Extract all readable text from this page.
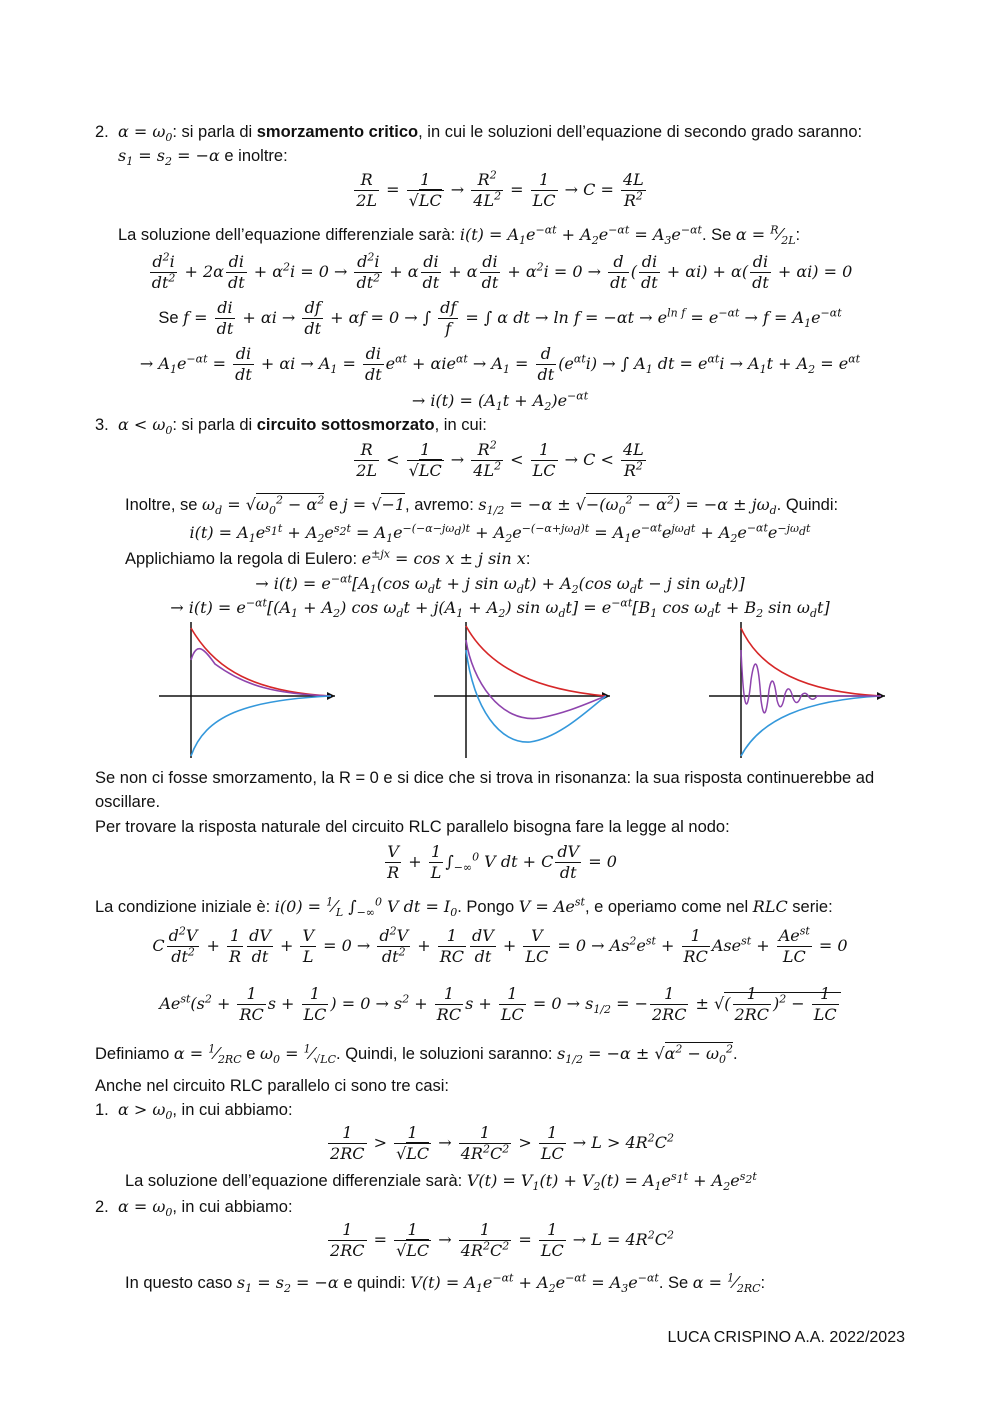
2. $\alpha = \omega_0$: si parla di smorzamento critico, in cui le soluzioni dell’equazione di secondo grado saranno:
$s_1 = s_2 = -\alpha$ e inoltre:
$\frac{R}{2L} = \frac{1}{√LC} \to \frac{R^2}{4L^2} = \frac{1}{LC} \to C = \frac{4L}{R^2}$
La soluzione dell’equazione differenziale sarà: $i(t) = A_1e^{-\alpha t} + A_2e^{-\alpha t} = A_3e^{-\alpha t}$. Se $\alpha = ^R⁄_{2L}$:
$\frac{d^2i}{dt^2} + 2\alpha \frac{di}{dt} + \alpha^2i = 0 \to \frac{d^2i}{dt^2} + \alpha \frac{di}{dt} + \alpha \frac{di}{dt} + \alpha^2i = 0 \to \frac{d}{dt}$ ( $\frac{di}{dt} + \alpha i) + \alpha( \frac{di}{dt} + \alpha i) = 0$
Se $f = \frac{di}{dt} + \alpha i \to \frac{df}{dt} + \alpha f = 0$ → ∫ $\frac{df}{f}$ = ∫ α dt → $\ln f = -\alpha t \to e^{ln f} = e^{-\alpha t} \to f = A_1e^{-\alpha t}$
→ $A_1e^{-\alpha t} = \frac{di}{dt} + \alpha i \to A_1 = \frac{di}{dt} e^{\alpha t} + \alpha ie^{\alpha t} \to A_1 = \frac{d}{dt} (e^{\alpha t}i)$ → ∫ $A_1$ dt = $e^{\alpha t}i \to A_1t + A_2 = e^{\alpha t}$
→ $i(t) = (A_1t + A_2)e^{-\alpha t}$
3. $\alpha < \omega_0$: si parla di circuito sottosmorzato, in cui:
$\frac{R}{2L} < \frac{1}{√LC} \to \frac{R^2}{4L^2} < \frac{1}{LC} \to C < \frac{4L}{R^2}$
Inoltre, se $\omega_d = √\omega_0^2 - \alpha^2$ e j = √−1, avremo: $s_{1/2} = -\alpha \pm √-(\omega_0^2 - \alpha^2) = -\alpha \pm j\omega_d$. Quindi:
$i(t) = A_1e^{s_1t} + A_2e^{s_2t} = A_1e^{-(-\alpha-j\omega_d)t} + A_2e^{-(-\alpha+j\omega_d)t} = A_1e^{-\alpha t}e^{j\omega_dt} + A_2e^{-\alpha t}e^{-j\omega_dt}$
Applichiamo la regola di Eulero: $e^{\pm jx} = \cos x \pm j$ sin x:
→ $i(t) = e^{-\alpha t}[A_1(\cos$ $\omega_dt + j$ $\sin \omega_dt) + A_2(\cos$ $\omega_dt - j$ $\sin \omega_dt$)]
→ $i(t) = e^{-\alpha t}[(A_1 + A_2)$ $\cos \omega_dt + j(A_1 + A_2)$ $\sin \omega_dt] = e^{-\alpha t}[B_1$ $\cos \omega_dt + B_2$ $\sin \omega_dt$]
Se non ci fosse smorzamento, la R = 0 e si dice che si trova in risonanza: la sua risposta continuerebbe ad
oscillare.
Per trovare la risposta naturale del circuito RLC parallelo bisogna fare la legge al nodo:
$\frac{V}{R} + \frac{1}{L} \int_{-\infty}^0$ V dt + C $\frac{dV}{dt} = 0$
La condizione iniziale è: $i(0) = ^1⁄_L$ $\int_{-\infty}^0$ V dt = $I_0$. Pongo $V = Ae^{st}$, e operiamo come nel RLC serie:
C $\frac{d^2V}{dt^2} + \frac{1}{R} \frac{dV}{dt} + \frac{V}{L} = 0 \to \frac{d^2V}{dt^2} + \frac{1}{RC} \frac{dV}{dt} + \frac{V}{LC} = 0 \to As^2e^{st} + \frac{1}{RC} Ase^{st} + \frac{Ae^{st}}{LC} = 0$
$Ae^{st}(s^2 + \frac{1}{RC}$ $s + \frac{1}{LC}$ ) = $0 \to s^2 + \frac{1}{RC}$ $s + \frac{1}{LC} = 0 \to s_{1/2}$ = − $\frac{1}{2RC}$ ± √( $\frac{1}{2RC} )^2 - \frac{1}{LC}$
Definiamo $\alpha = ^1⁄_{2RC}$ e $\omega_0$ = $^1⁄_{√LC}$. Quindi, le soluzioni saranno: $s_{1/2} = -\alpha \pm √\alpha^2 - \omega_0^2$.
Anche nel circuito RLC parallelo ci sono tre casi:
1. $\alpha > \omega_0$, in cui abbiamo:
$\frac{1}{2RC} > \frac{1}{√LC} \to \frac{1}{4R^2C^2} > \frac{1}{LC} \to L > 4R^2C^2$
La soluzione dell’equazione differenziale sarà: $V(t) = V_1(t) + V_2(t) = A_1e^{s_1t} + A_2e^{s_2t}$
2. $\alpha = \omega_0$, in cui abbiamo:
$\frac{1}{2RC} = \frac{1}{√LC} \to \frac{1}{4R^2C^2} = \frac{1}{LC} \to L = 4R^2C^2$
In questo caso $s_1 = s_2 = -\alpha$ e quindi: $V(t) = A_1e^{-\alpha t} + A_2e^{-\alpha t} = A_3e^{-\alpha t}$. Se $\alpha = ^1⁄_{2RC}$:
LUCA CRISPINO A.A. 2022/2023
